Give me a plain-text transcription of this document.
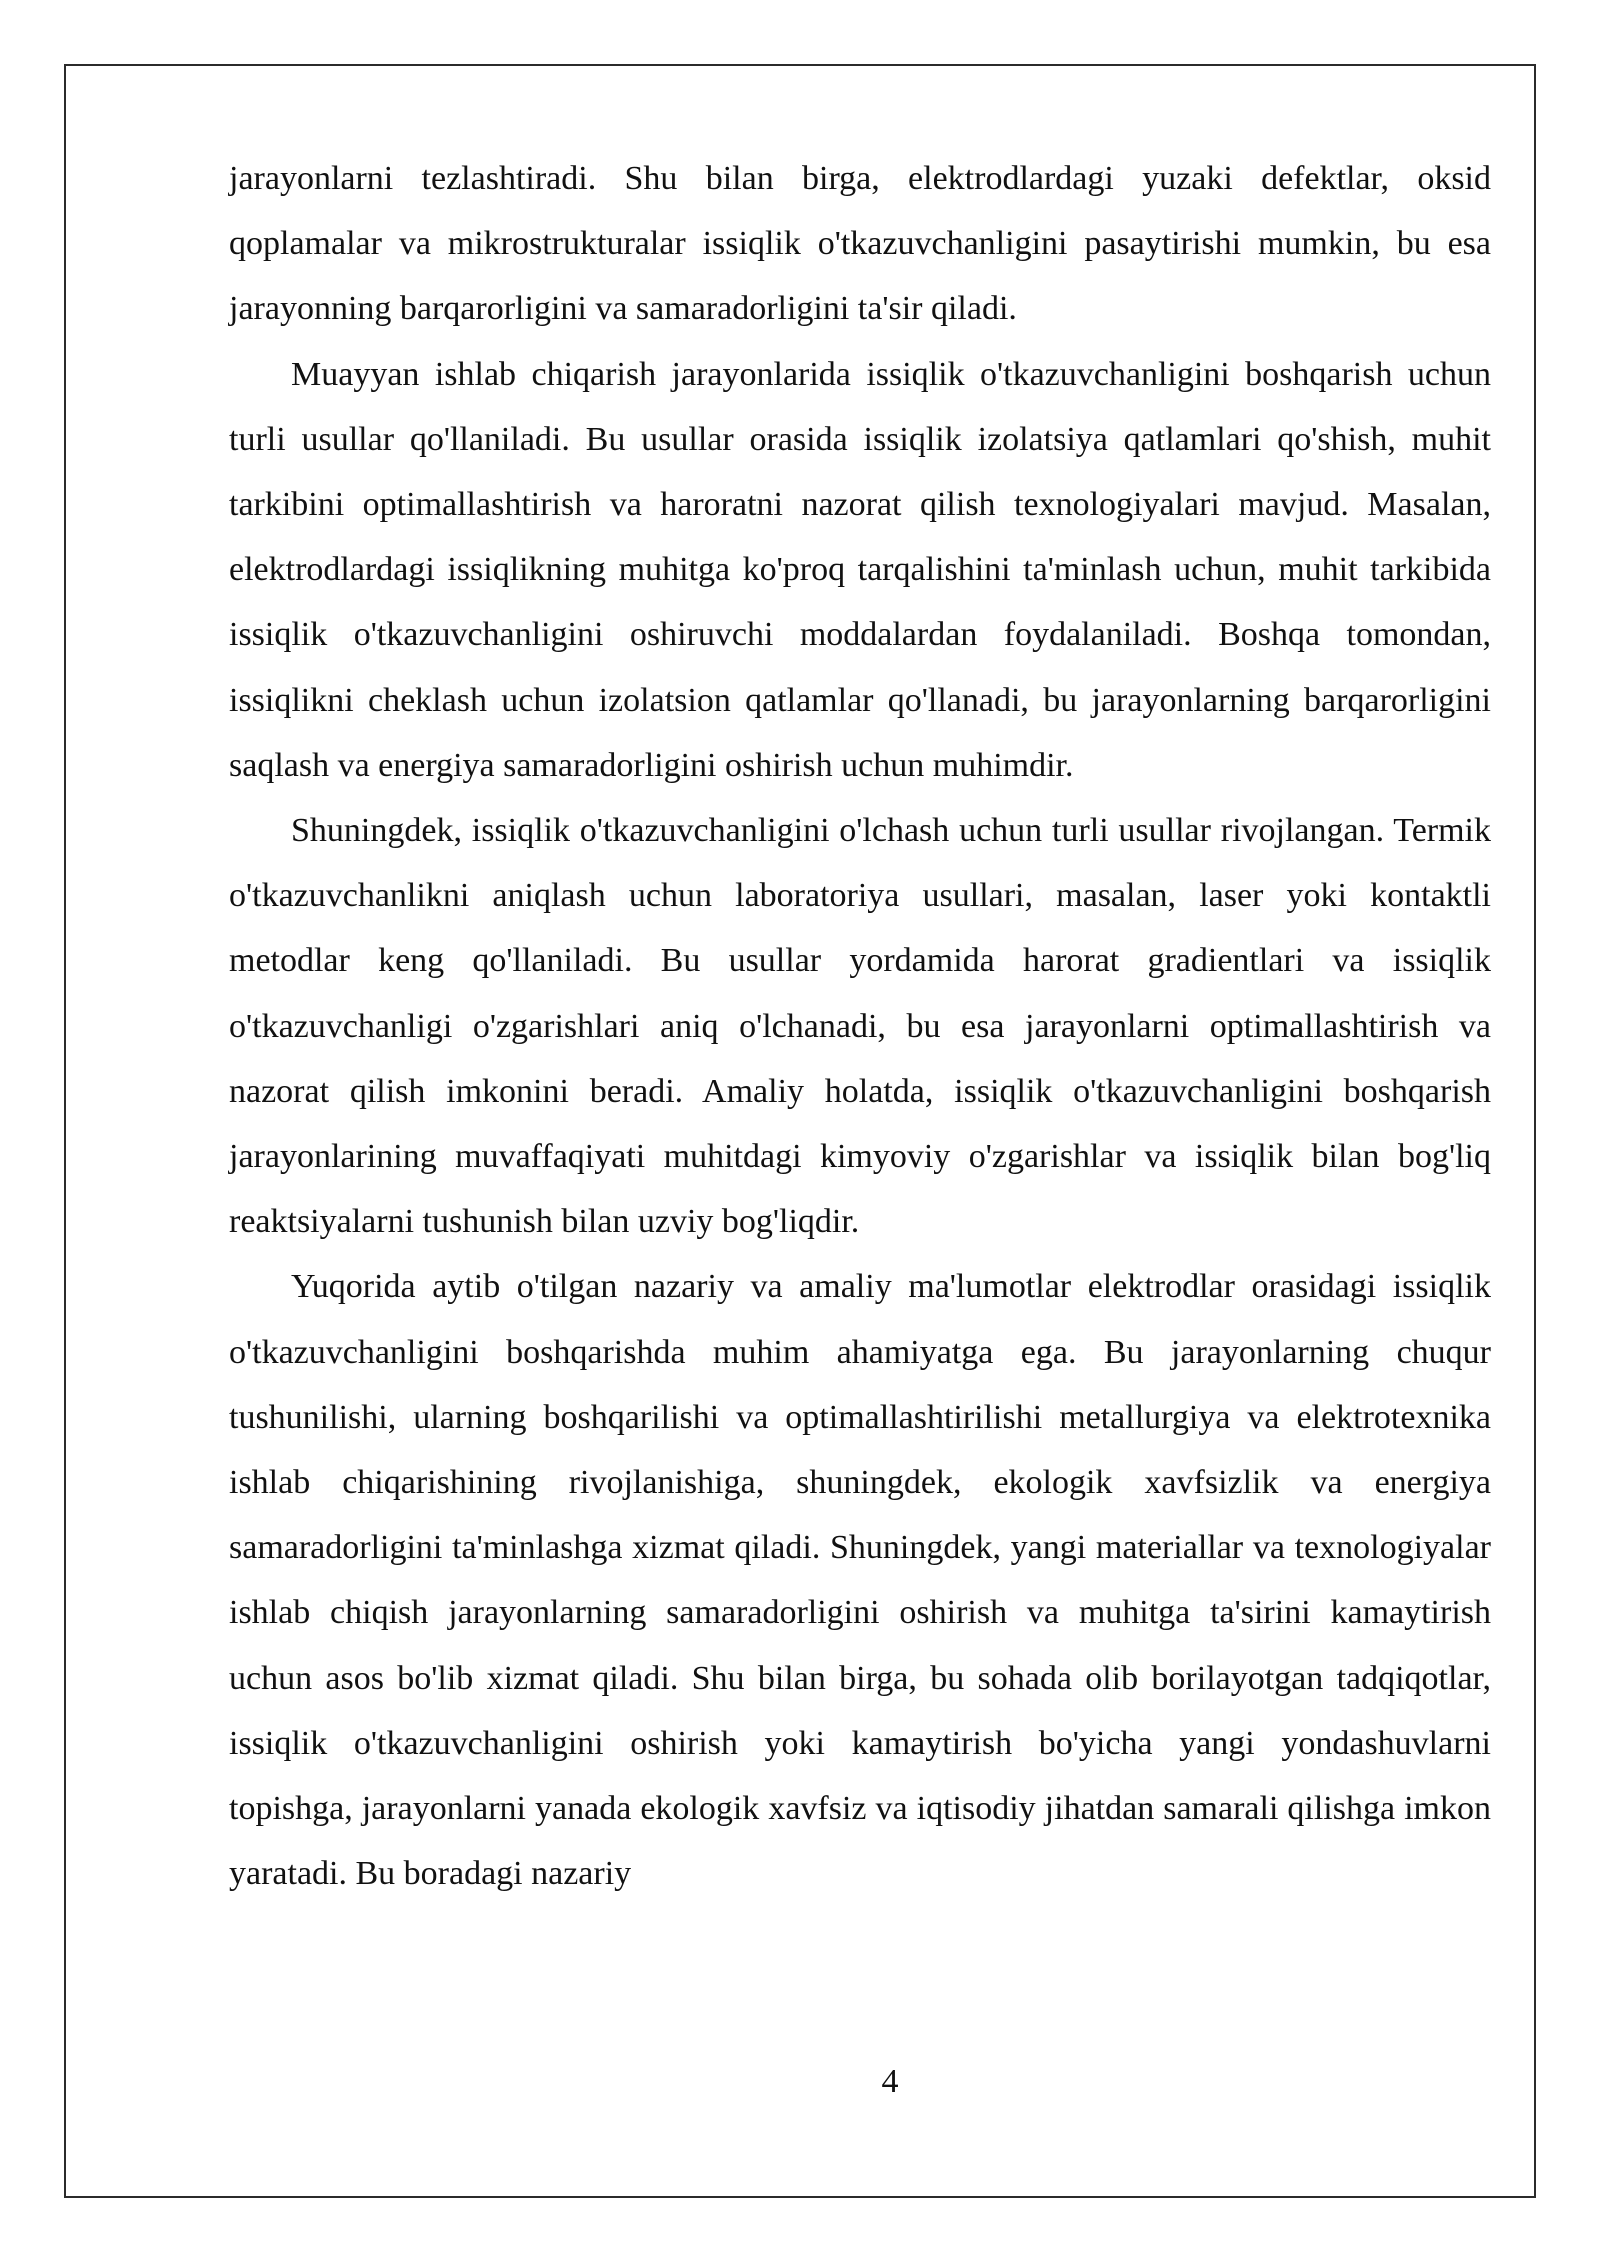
jarayonlarni tezlashtiradi. Shu bilan birga, elektrodlardagi yuzaki defektlar, oksid qoplamalar va mikrostrukturalar issiqlik o'tkazuvchanligini pasaytirishi mumkin, bu esa jarayonning barqarorligini va samaradorligini ta'sir qiladi.

Muayyan ishlab chiqarish jarayonlarida issiqlik o'tkazuvchanligini boshqarish uchun turli usullar qo'llaniladi. Bu usullar orasida issiqlik izolatsiya qatlamlari qo'shish, muhit tarkibini optimallashtirish va haroratni nazorat qilish texnologiyalari mavjud. Masalan, elektrodlardagi issiqlikning muhitga ko'proq tarqalishini ta'minlash uchun, muhit tarkibida issiqlik o'tkazuvchanligini oshiruvchi moddalardan foydalaniladi. Boshqa tomondan, issiqlikni cheklash uchun izolatsion qatlamlar qo'llanadi, bu jarayonlarning barqarorligini saqlash va energiya samaradorligini oshirish uchun muhimdir.

Shuningdek, issiqlik o'tkazuvchanligini o'lchash uchun turli usullar rivojlangan. Termik o'tkazuvchanlikni aniqlash uchun laboratoriya usullari, masalan, laser yoki kontaktli metodlar keng qo'llaniladi. Bu usullar yordamida harorat gradientlari va issiqlik o'tkazuvchanligi o'zgarishlari aniq o'lchanadi, bu esa jarayonlarni optimallashtirish va nazorat qilish imkonini beradi. Amaliy holatda, issiqlik o'tkazuvchanligini boshqarish jarayonlarining muvaffaqiyati muhitdagi kimyoviy o'zgarishlar va issiqlik bilan bog'liq reaktsiyalarni tushunish bilan uzviy bog'liqdir.

Yuqorida aytib o'tilgan nazariy va amaliy ma'lumotlar elektrodlar orasidagi issiqlik o'tkazuvchanligini boshqarishda muhim ahamiyatga ega. Bu jarayonlarning chuqur tushunilishi, ularning boshqarilishi va optimallashtirilishi metallurgiya va elektrotexnika ishlab chiqarishining rivojlanishiga, shuningdek, ekologik xavfsizlik va energiya samaradorligini ta'minlashga xizmat qiladi. Shuningdek, yangi materiallar va texnologiyalar ishlab chiqish jarayonlarning samaradorligini oshirish va muhitga ta'sirini kamaytirish uchun asos bo'lib xizmat qiladi. Shu bilan birga, bu sohada olib borilayotgan tadqiqotlar, issiqlik o'tkazuvchanligini oshirish yoki kamaytirish bo'yicha yangi yondashuvlarni topishga, jarayonlarni yanada ekologik xavfsiz va iqtisodiy jihatdan samarali qilishga imkon yaratadi. Bu boradagi nazariy

4
